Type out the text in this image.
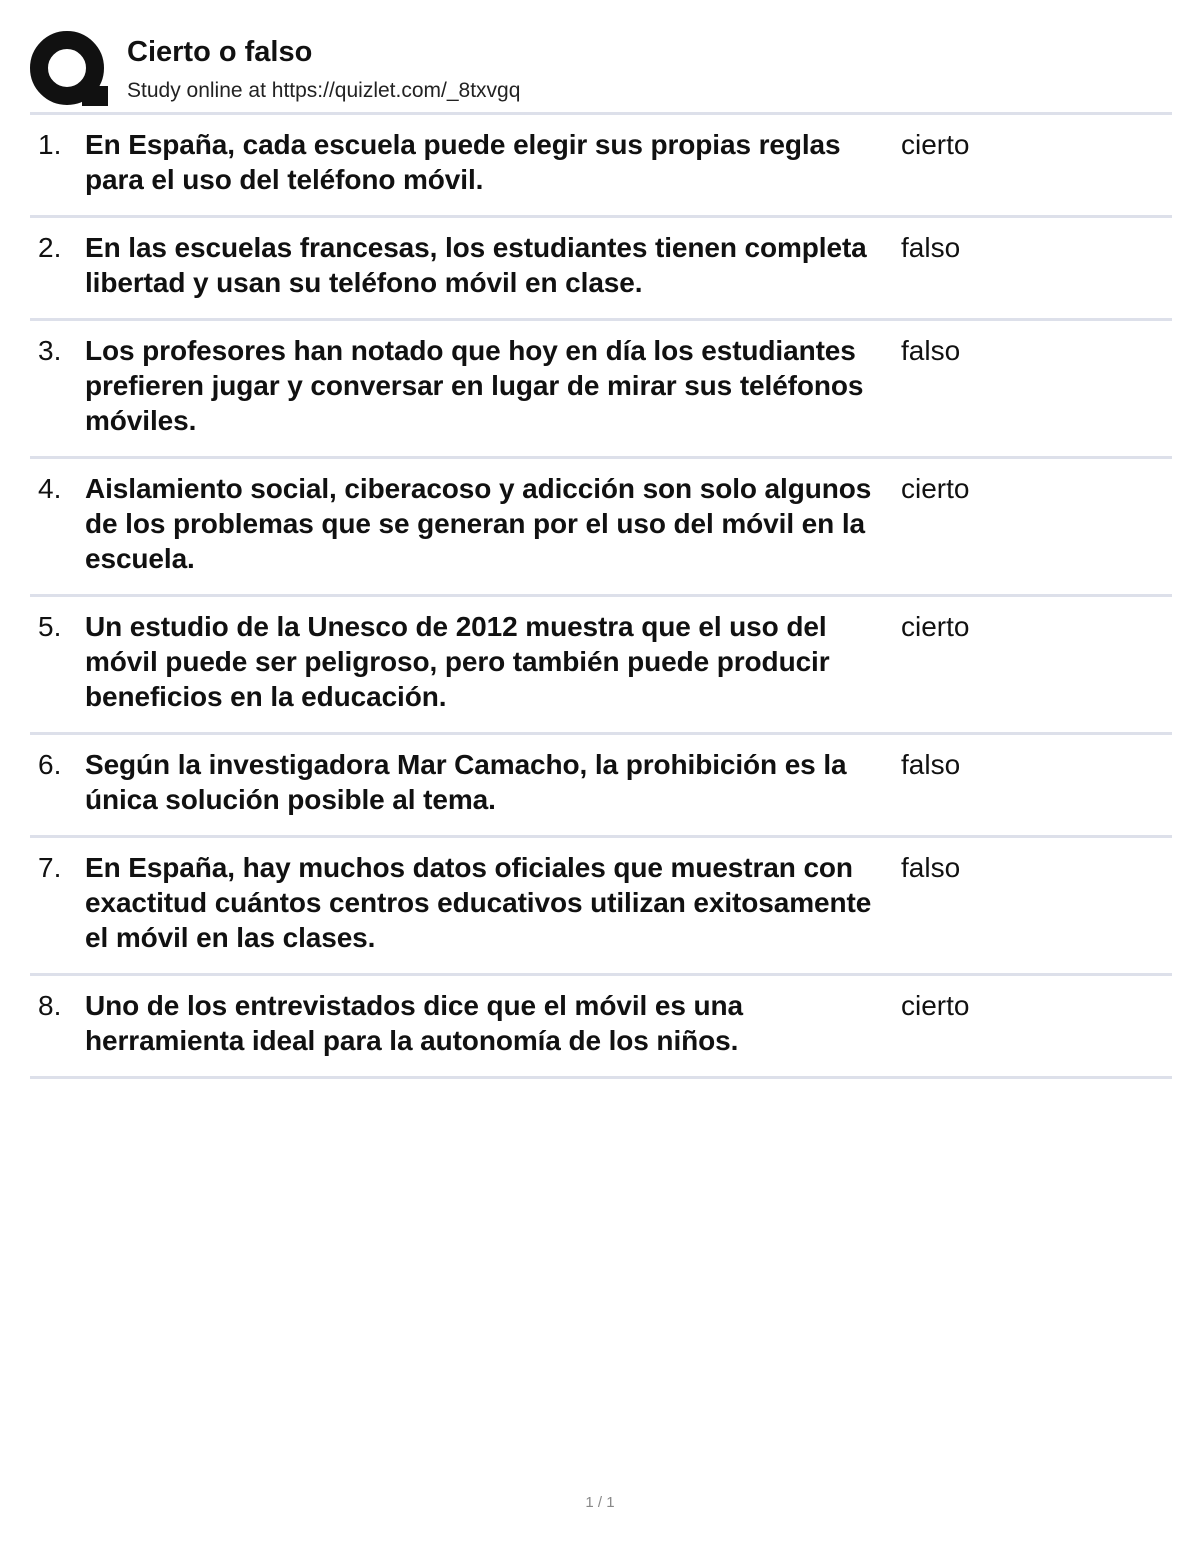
Cierto o falso
Study online at https://quizlet.com/_8txvgq
1. En España, cada escuela puede elegir sus propias reglas para el uso del teléfono móvil.
cierto
2. En las escuelas francesas, los estudiantes tienen completa libertad y usan su teléfono móvil en clase.
falso
3. Los profesores han notado que hoy en día los estudiantes prefieren jugar y conversar en lugar de mirar sus teléfonos móviles.
falso
4. Aislamiento social, ciberacoso y adicción son solo algunos de los problemas que se generan por el uso del móvil en la escuela.
cierto
5. Un estudio de la Unesco de 2012 muestra que el uso del móvil puede ser peligroso, pero también puede producir beneficios en la educación.
cierto
6. Según la investigadora Mar Camacho, la prohibición es la única solución posible al tema.
falso
7. En España, hay muchos datos oficiales que muestran con exactitud cuántos centros educativos utilizan exitosamente el móvil en las clases.
falso
8. Uno de los entrevistados dice que el móvil es una herramienta ideal para la autonomía de los niños.
cierto
1 / 1
